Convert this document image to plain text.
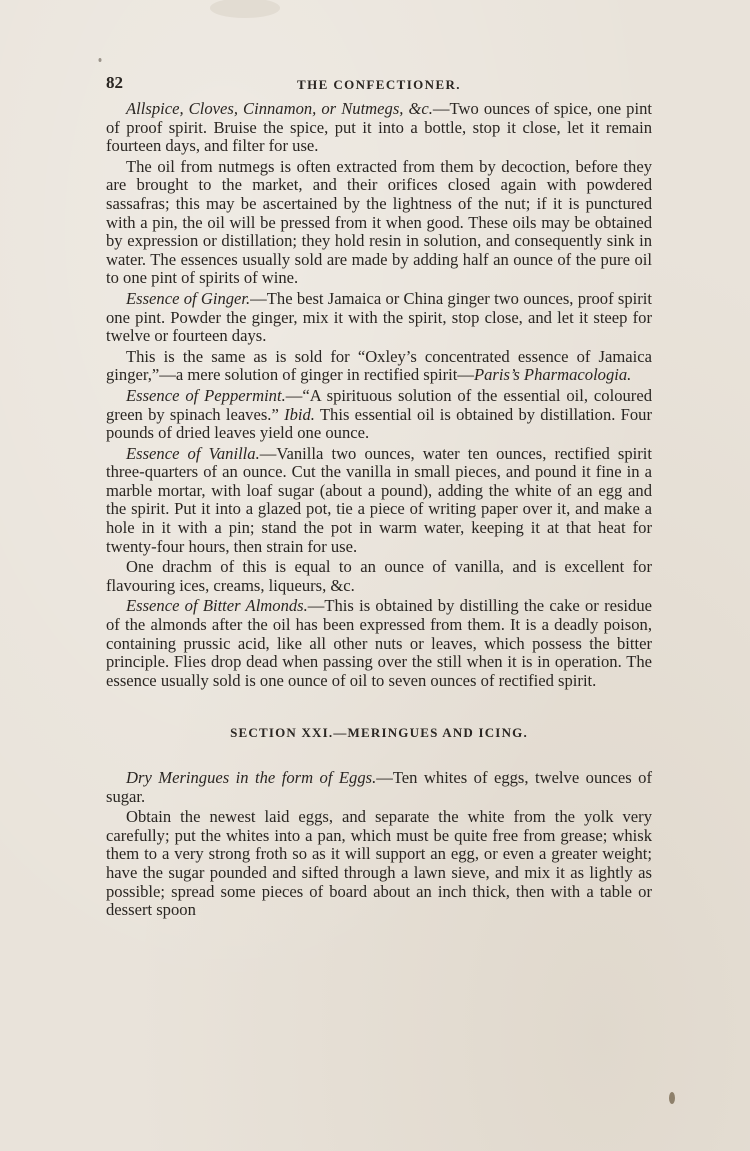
82	THE CONFECTIONER.

Allspice, Cloves, Cinnamon, or Nutmegs, &c.—Two ounces of spice, one pint of proof spirit. Bruise the spice, put it into a bottle, stop it close, let it remain fourteen days, and filter for use.

The oil from nutmegs is often extracted from them by decoction, before they are brought to the market, and their orifices closed again with powdered sassafras; this may be ascertained by the lightness of the nut; if it is punctured with a pin, the oil will be pressed from it when good. These oils may be obtained by expression or distillation; they hold resin in solution, and consequently sink in water. The essences usually sold are made by adding half an ounce of the pure oil to one pint of spirits of wine.

Essence of Ginger.—The best Jamaica or China ginger two ounces, proof spirit one pint. Powder the ginger, mix it with the spirit, stop close, and let it steep for twelve or fourteen days.

This is the same as is sold for “Oxley’s concentrated essence of Jamaica ginger,”—a mere solution of ginger in rectified spirit—Paris’s Pharmacologia.

Essence of Peppermint.—“A spirituous solution of the essential oil, coloured green by spinach leaves.” Ibid. This essential oil is obtained by distillation. Four pounds of dried leaves yield one ounce.

Essence of Vanilla.—Vanilla two ounces, water ten ounces, rectified spirit three-quarters of an ounce. Cut the vanilla in small pieces, and pound it fine in a marble mortar, with loaf sugar (about a pound), adding the white of an egg and the spirit. Put it into a glazed pot, tie a piece of writing paper over it, and make a hole in it with a pin; stand the pot in warm water, keeping it at that heat for twenty-four hours, then strain for use.

One drachm of this is equal to an ounce of vanilla, and is excellent for flavouring ices, creams, liqueurs, &c.

Essence of Bitter Almonds.—This is obtained by distilling the cake or residue of the almonds after the oil has been expressed from them. It is a deadly poison, containing prussic acid, like all other nuts or leaves, which possess the bitter principle. Flies drop dead when passing over the still when it is in operation. The essence usually sold is one ounce of oil to seven ounces of rectified spirit.

SECTION XXI.—MERINGUES AND ICING.

Dry Meringues in the form of Eggs.—Ten whites of eggs, twelve ounces of sugar.

Obtain the newest laid eggs, and separate the white from the yolk very carefully; put the whites into a pan, which must be quite free from grease; whisk them to a very strong froth so as it will support an egg, or even a greater weight; have the sugar pounded and sifted through a lawn sieve, and mix it as lightly as possible; spread some pieces of board about an inch thick, then with a table or dessert spoon
